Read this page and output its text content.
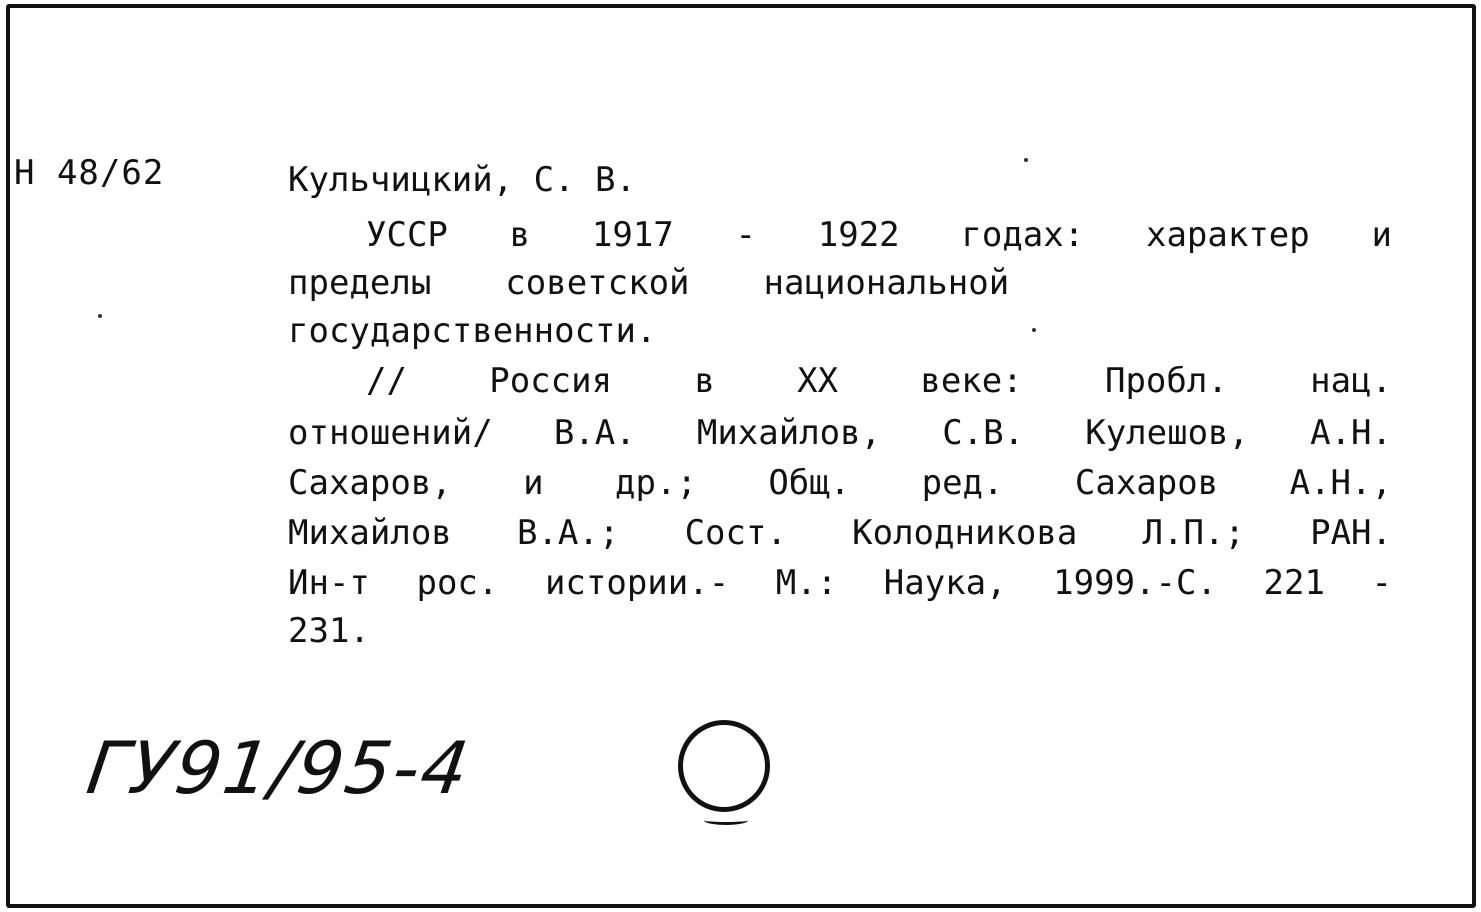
Н 48/62	Кульчицкий, С. В.
УССР в 1917 - 1922 годах: характер и
пределы советской национальной
государственности.
// Россия в XX веке: Пробл. нац.
отношений/ В.А. Михайлов, С.В. Кулешов, А.Н.
Сахаров, и др.; Общ. ред. Сахаров А.Н.,
Михайлов В.А.; Сост. Колодникова Л.П.; РАН.
Ин-т рос. истории.- М.: Наука, 1999.-С. 221 -
231.
ГУ91/95-4
